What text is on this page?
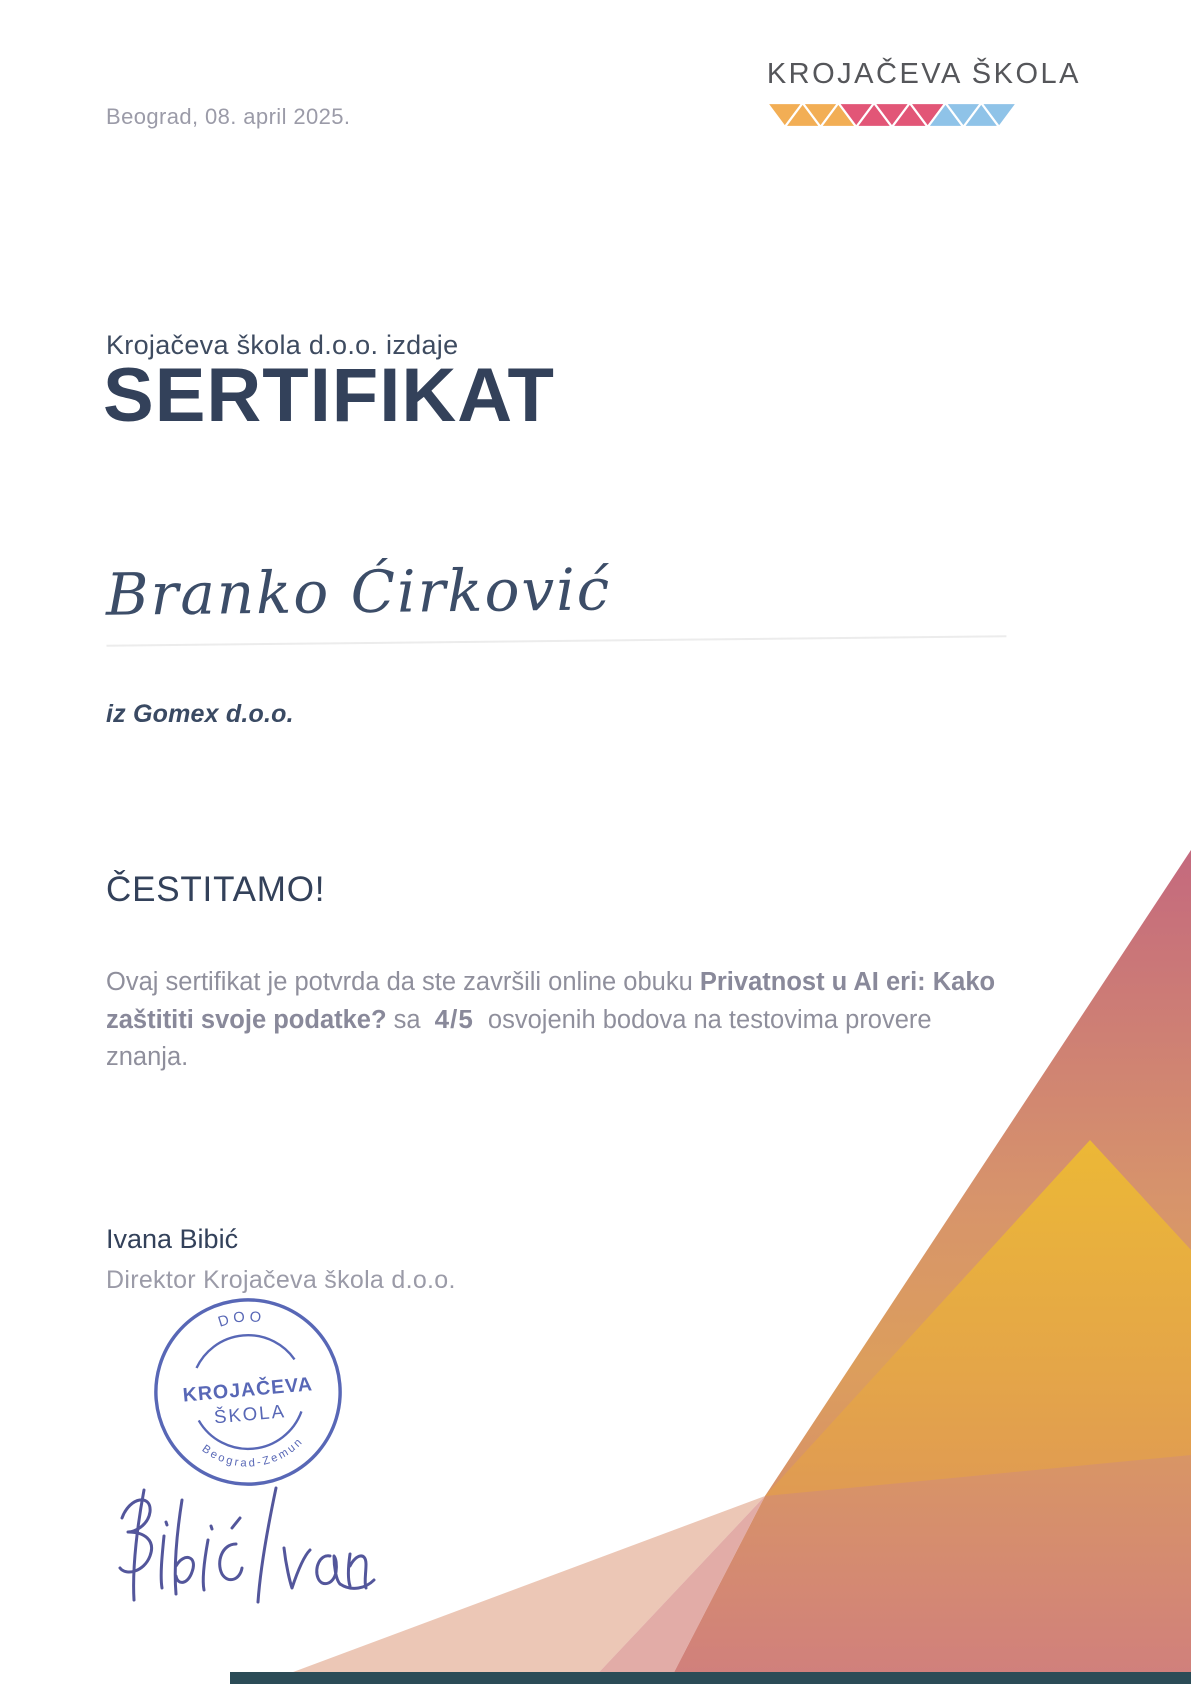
Beograd, 08. april 2025.
KROJAČEVA ŠKOLA
Krojačeva škola d.o.o. izdaje
SERTIFIKAT
Branko Ćirković
iz Gomex d.o.o.
ČESTITAMO!

Ovaj sertifikat je potvrda da ste završili online obuku Privatnost u AI eri: Kako zaštititi svoje podatke? sa 4/5 osvojenih bodova na testovima provere znanja.

Ivana Bibić
Direktor Krojačeva škola d.o.o.
DOO
KROJAČEVA
ŠKOLA
Beograd-Zemun
